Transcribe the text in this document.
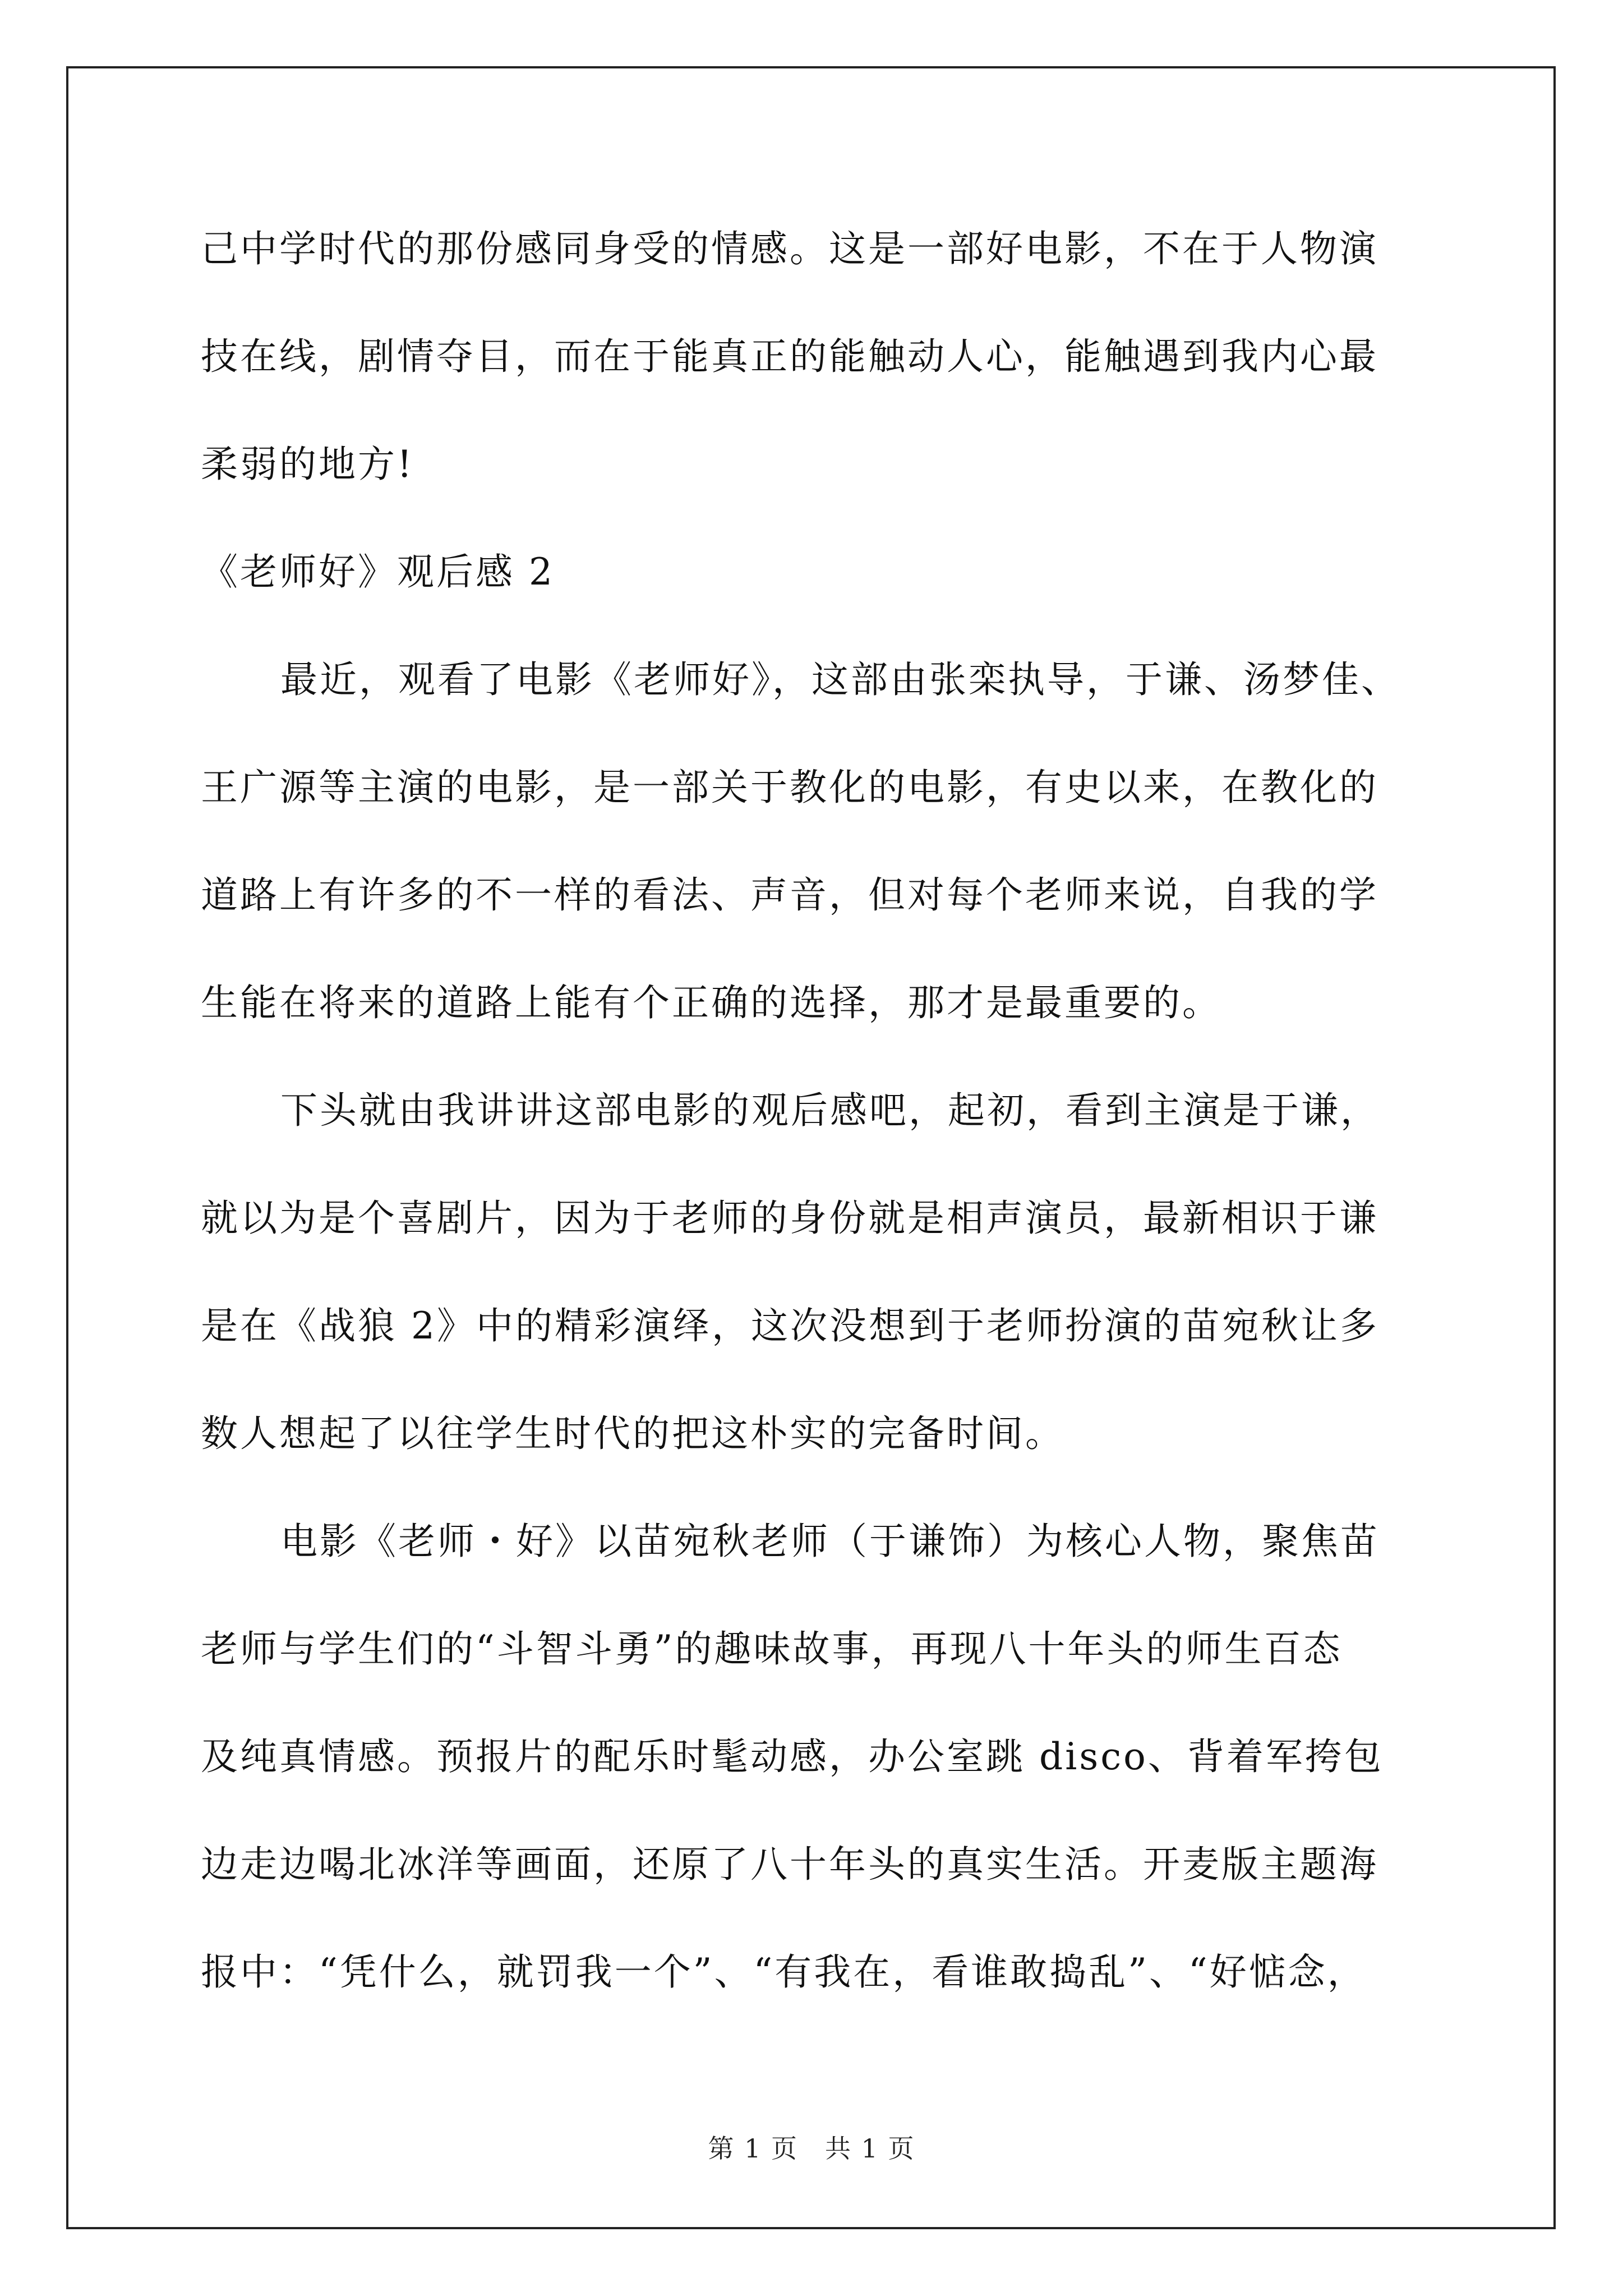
己中学时代的那份感同身受的情感。这是一部好电影，不在于人物演
技在线，剧情夺目，而在于能真正的能触动人心，能触遇到我内心最
柔弱的地方!
《老师好》观后感 2
最近，观看了电影《老师好》，这部由张栾执导，于谦、汤梦佳、
王广源等主演的电影，是一部关于教化的电影，有史以来，在教化的
道路上有许多的不一样的看法、声音，但对每个老师来说，自我的学
生能在将来的道路上能有个正确的选择，那才是最重要的。
下头就由我讲讲这部电影的观后感吧，起初，看到主演是于谦，
就以为是个喜剧片，因为于老师的身份就是相声演员，最新相识于谦
是在《战狼 2》中的精彩演绎，这次没想到于老师扮演的苗宛秋让多
数人想起了以往学生时代的把这朴实的完备时间。
电影《老师・好》以苗宛秋老师（于谦饰）为核心人物，聚焦苗
老师与学生们的“斗智斗勇”的趣味故事，再现八十年头的师生百态
及纯真情感。预报片的配乐时髦动感，办公室跳 disco、背着军挎包
边走边喝北冰洋等画面，还原了八十年头的真实生活。开麦版主题海
报中：“凭什么，就罚我一个”、“有我在，看谁敢捣乱”、“好惦念，
第 1 页　共 1 页
